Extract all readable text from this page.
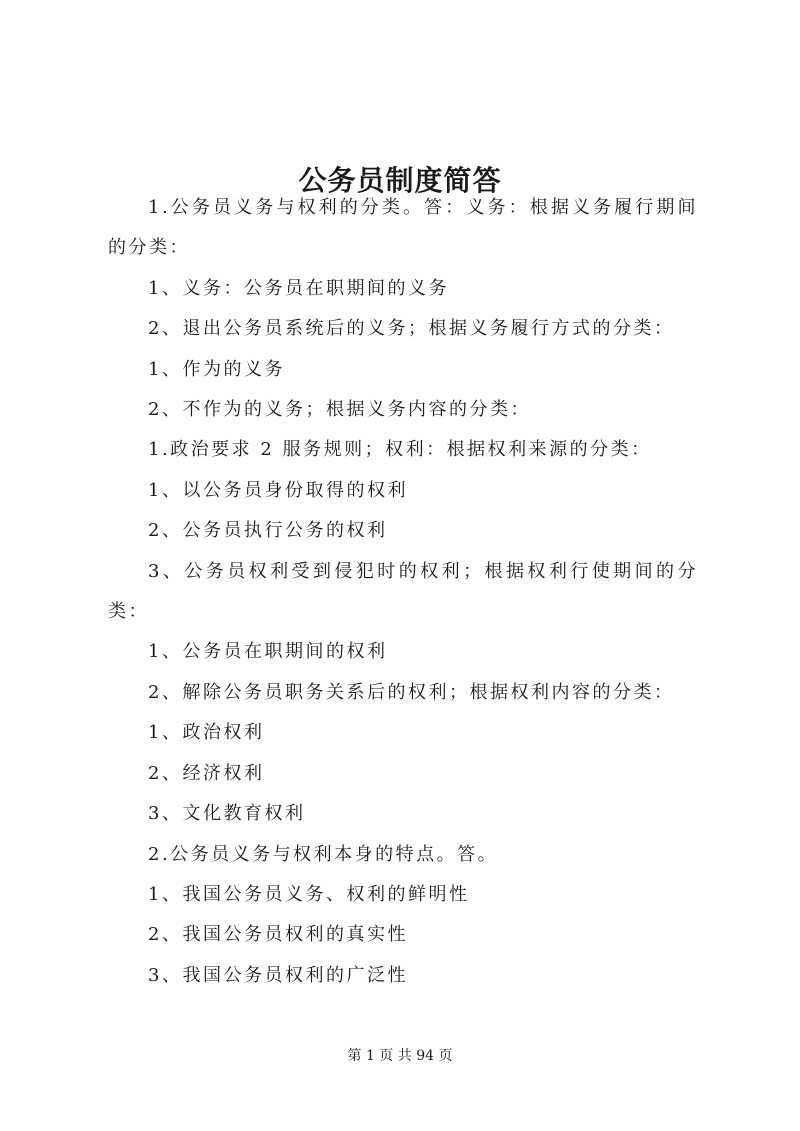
公务员制度简答

1.公务员义务与权利的分类。答：义务：根据义务履行期间的分类：

1、义务：公务员在职期间的义务

2、退出公务员系统后的义务；根据义务履行方式的分类：

1、作为的义务

2、不作为的义务；根据义务内容的分类：

1.政治要求 2 服务规则；权利：根据权利来源的分类：

1、以公务员身份取得的权利

2、公务员执行公务的权利

3、公务员权利受到侵犯时的权利；根据权利行使期间的分类：

1、公务员在职期间的权利

2、解除公务员职务关系后的权利；根据权利内容的分类：

1、政治权利

2、经济权利

3、文化教育权利

2.公务员义务与权利本身的特点。答。

1、我国公务员义务、权利的鲜明性

2、我国公务员权利的真实性

3、我国公务员权利的广泛性

第 1 页 共 94 页
